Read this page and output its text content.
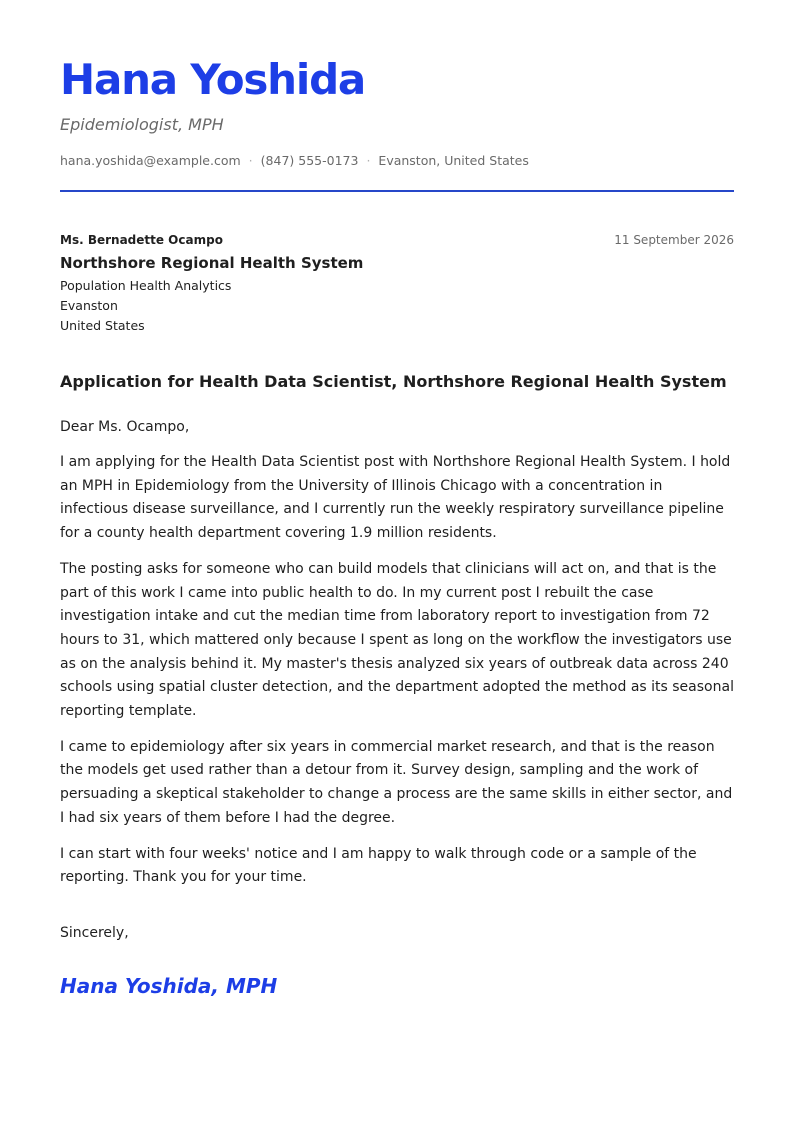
Hana Yoshida
Epidemiologist, MPH
hana.yoshida@example.com · (847) 555-0173 · Evanston, United States
Ms. Bernadette Ocampo	11 September 2026
Northshore Regional Health System
Population Health Analytics
Evanston
United States
Application for Health Data Scientist, Northshore Regional Health System
Dear Ms. Ocampo,

I am applying for the Health Data Scientist post with Northshore Regional Health System. I hold an MPH in Epidemiology from the University of Illinois Chicago with a concentration in infectious disease surveillance, and I currently run the weekly respiratory surveillance pipeline for a county health department covering 1.9 million residents.

The posting asks for someone who can build models that clinicians will act on, and that is the part of this work I came into public health to do. In my current post I rebuilt the case investigation intake and cut the median time from laboratory report to investigation from 72 hours to 31, which mattered only because I spent as long on the workflow the investigators use as on the analysis behind it. My master's thesis analyzed six years of outbreak data across 240 schools using spatial cluster detection, and the department adopted the method as its seasonal reporting template.

I came to epidemiology after six years in commercial market research, and that is the reason the models get used rather than a detour from it. Survey design, sampling and the work of persuading a skeptical stakeholder to change a process are the same skills in either sector, and I had six years of them before I had the degree.

I can start with four weeks' notice and I am happy to walk through code or a sample of the reporting. Thank you for your time.

Sincerely,
Hana Yoshida, MPH
